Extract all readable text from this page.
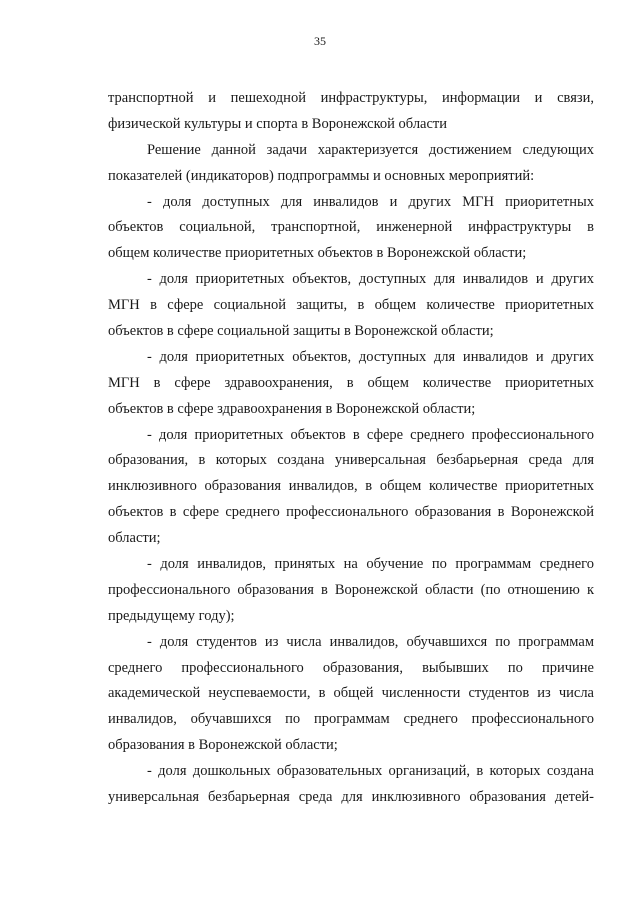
35
транспортной и пешеходной инфраструктуры, информации и связи,
физической культуры и спорта в Воронежской области
Решение данной задачи характеризуется достижением следующих
показателей (индикаторов) подпрограммы и основных мероприятий:
- доля доступных для инвалидов и других МГН приоритетных
объектов социальной, транспортной, инженерной инфраструктуры в
общем количестве приоритетных объектов в Воронежской области;
- доля приоритетных объектов, доступных для инвалидов и других
МГН в сфере социальной защиты, в общем количестве приоритетных
объектов в сфере социальной защиты в Воронежской области;
- доля приоритетных объектов, доступных для инвалидов и других
МГН в сфере здравоохранения, в общем количестве приоритетных
объектов в сфере здравоохранения в Воронежской области;
- доля приоритетных объектов в сфере среднего профессионального
образования, в которых создана универсальная безбарьерная среда для
инклюзивного образования инвалидов, в общем количестве приоритетных
объектов в сфере среднего профессионального образования в Воронежской
области;
- доля инвалидов, принятых на обучение по программам среднего
профессионального образования в Воронежской области (по отношению к
предыдущему году);
- доля студентов из числа инвалидов, обучавшихся по программам
среднего профессионального образования, выбывших по причине
академической неуспеваемости, в общей численности студентов из числа
инвалидов, обучавшихся по программам среднего профессионального
образования в Воронежской области;
- доля дошкольных образовательных организаций, в которых создана
универсальная безбарьерная среда для инклюзивного образования детей-
